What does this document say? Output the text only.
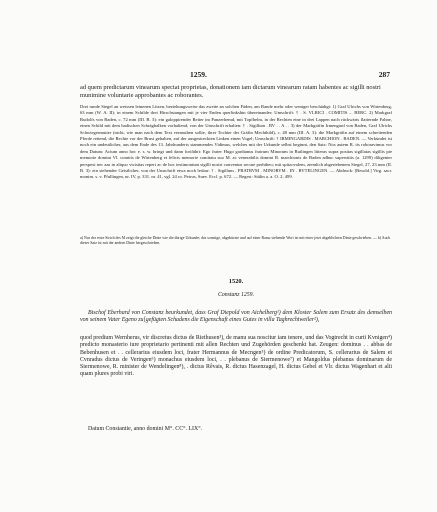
1259.	287

ad quem predictarum vinearum spectat proprietas, donationem iam dictarum vinearum ratam habentes ac sigilli nostri munimine voluntarie approbantes ac roborantes.

Drei runde Siegel an weissen leinenen Litzen, beziehungsweise das zweite an solchen Fäden, am Rande mehr oder weniger beschädigt: 1) Graf Ulrichs von Wirtenberg, 63 mm (W. A. II): in einem Schilde drei Hirschstangen mit je vier Enden querlinkshin übereinander; Umschrift: † . S. VLRICI . COMITIS ... BERC. 2) Markgraf Rudolfs von Baden, c. 72 mm (III. B. 3): ein galoppirender Reiter im Panzerhemd, mit Topfhelm, in der Rechten eine in drei Lappen nach rückwärts flatternde Fahne, einen Schild mit dem badischen Schrägbalken vorhaltend, von der Umschrift erhalten: † . Sigillum . RV . . A . . 3) der Markgräfin Irmengard von Baden, Graf Ulrichs Schwiegermutter (nicht, wie man nach dem Text vermuthen sollte, ihrer Tochter der Gräfin Mechthild), c. 48 mm (III. A. 3): die Markgräfin auf einem schreitenden Pferde reitend, die Rechte vor der Brust gehalten, auf der ausgestreckten Linken einen Vogel; Umschrift: † IRMINGARDIS . MARCHION . BADEN. — Verkündet ist noch ein undeutlicher, aus dem Ende des 13. Jahrhunderts stammendes Vidimus, welches mit der Urkunde selbst beginnt, den Satz: Nos autem R. iis roboravimus vor dem Datum: Actum anno hoc e. s. w. bringt und dann fortfährt: Ego frater Hugo gardianus fratrum Minorum in Rutlingen litteras supra positas sigillatas sigillis pie memorie domini Vl. comitis de Wirtenberg et felicis memorie comitatu suo M. ac venerabilis domini R. marchionis de Baden adhuc superstitis (a. 1299) diligenter perspexi nec aas in aliquo vicisitas reperi ac de hoc testimonium sigilli nostri conventus secure perhibeo; mit spitzovalem, ziemlich abgeriebenem Siegel, 27, 23 mm (II. B. 3): ein stehender Geistlicher, von der Umschrift etwa noch lesbar: † . Sigillum . FRATRVM . MINORVM . IN . RVTELINGEN. — Abdruck: [Besold.] Virg. sacr. monim. s. v. Pfullingen, nr. IV, p. 331. nr. 41, vgl. 24 ro. Petrus, Suev. Eccl. p. 672. — Regest: Stälin a. a. O. 2, 499.

a) Nur der erste Strich des M zeigt die gleiche Dinte wie die übrige Urkunde; das sonstige, abgekürzte und auf einer Rasur stehende Wort ist mit einer jetzt abgeblichten Dinte geschrieben. — b) Auch dieser Satz ist mit der andern Dinte hergeschrieben.

1520.
Constanz 1259.

Bischof Eberhard von Constanz beurkundet, dass Graf Diepold von Aichelberg¹) dem Kloster Salem zum Ersatz des demselben von seinem Vater Egeno zu[gefügten Schadens die Eigenschaft eines Gutes in villa Taghrechtweiler²),

quod predium Wernherus, vir discretus dictus de Riethusen³), de manu sua noscitur iam tenere, und das Vogtrecht in curti Kvnigen⁴) predicto monasterio iure proprietario pertinenti mit allen Rechten und Zugehörden geschenkt hat. Zeugen: dominus . . abbas de Bebenhusen et . . cellerarius eiusdem loci, frater Hermannus de Mecngen⁵) de ordine Predicatorum, S. cellerarius de Salem et Cvnradus dictus de Veringen⁶) monachus eiusdem loci, . . plebanus de Siermenowe⁷) et Mangoldus plebanus dominarum de Siermenowe, R. minister de Wendelingen⁸), . dictus Rêvais, R. dictus Hasenzagel, H. dictus Gebel et Vlr. dictus Wagenhart et alii quam plures probi viri.

Datum Constantie, anno domini M°. CC°. LIX°.
